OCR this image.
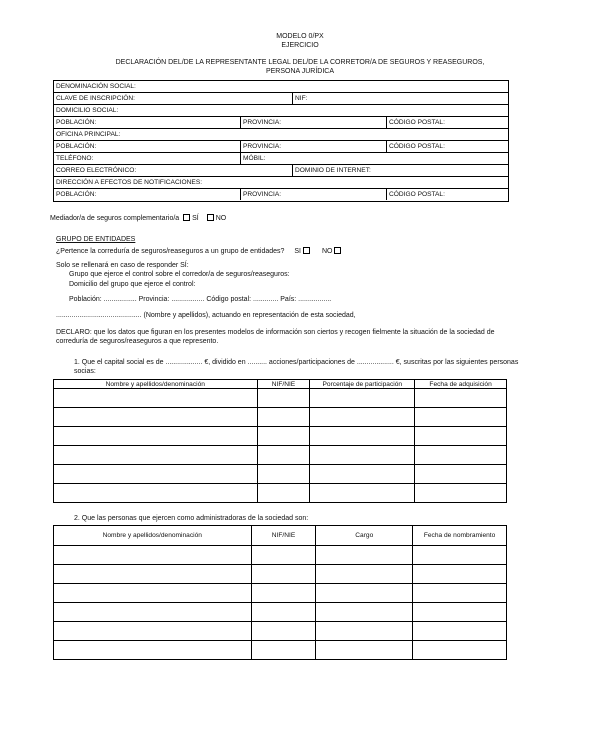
MODELO 0/PX
EJERCICIO
DECLARACIÓN DEL/DE LA REPRESENTANTE LEGAL DEL/DE LA CORRETOR/A DE SEGUROS Y REASEGUROS,
PERSONA JURÍDICA
DENOMINACIÓN SOCIAL:
CLAVE DE INSCRIPCIÓN:	NIF:
DOMICILIO SOCIAL:
POBLACIÓN:	PROVINCIA:	CÓDIGO POSTAL:
OFICINA PRINCIPAL:
POBLACIÓN:	PROVINCIA:	CÓDIGO POSTAL:
TELÉFONO:	MÓBIL:
CORREO ELECTRÓNICO:	DOMINIO DE INTERNET:
DIRECCIÓN A EFECTOS DE NOTIFICACIONES:
POBLACIÓN:	PROVINCIA:	CÓDIGO POSTAL:
Mediador/a de seguros complementario/a SÍ NO
GRUPO DE ENTIDADES
¿Pertence la correduría de seguros/reaseguros a un grupo de entidades? SI	NO
Solo se rellenará en caso de responder SÍ:
Grupo que ejerce el control sobre el corredor/a de seguros/reaseguros:
Domicilio del grupo que ejerce el control:
Población: ................. Provincia: ................. Código postal: ............. País: .................
............................................ (Nombre y apellidos), actuando en representación de esta sociedad,
DECLARO: que los datos que figuran en los presentes modelos de información son ciertos y recogen fielmente la situación de la sociedad de
correduría de seguros/reaseguros a que represento.
1. Que el capital social es de ................... €, dividido en .......... acciones/participaciones de ................... €, suscritas por las siguientes personas
socias:
Nombre y apellidos/denominación	NIF/NIE	Porcentaje de participación	Fecha de adquisición

2. Que las personas que ejercen como administradoras de la sociedad son:
Nombre y apellidos/denominación	NIF/NIE	Cargo	Fecha de nombramiento
